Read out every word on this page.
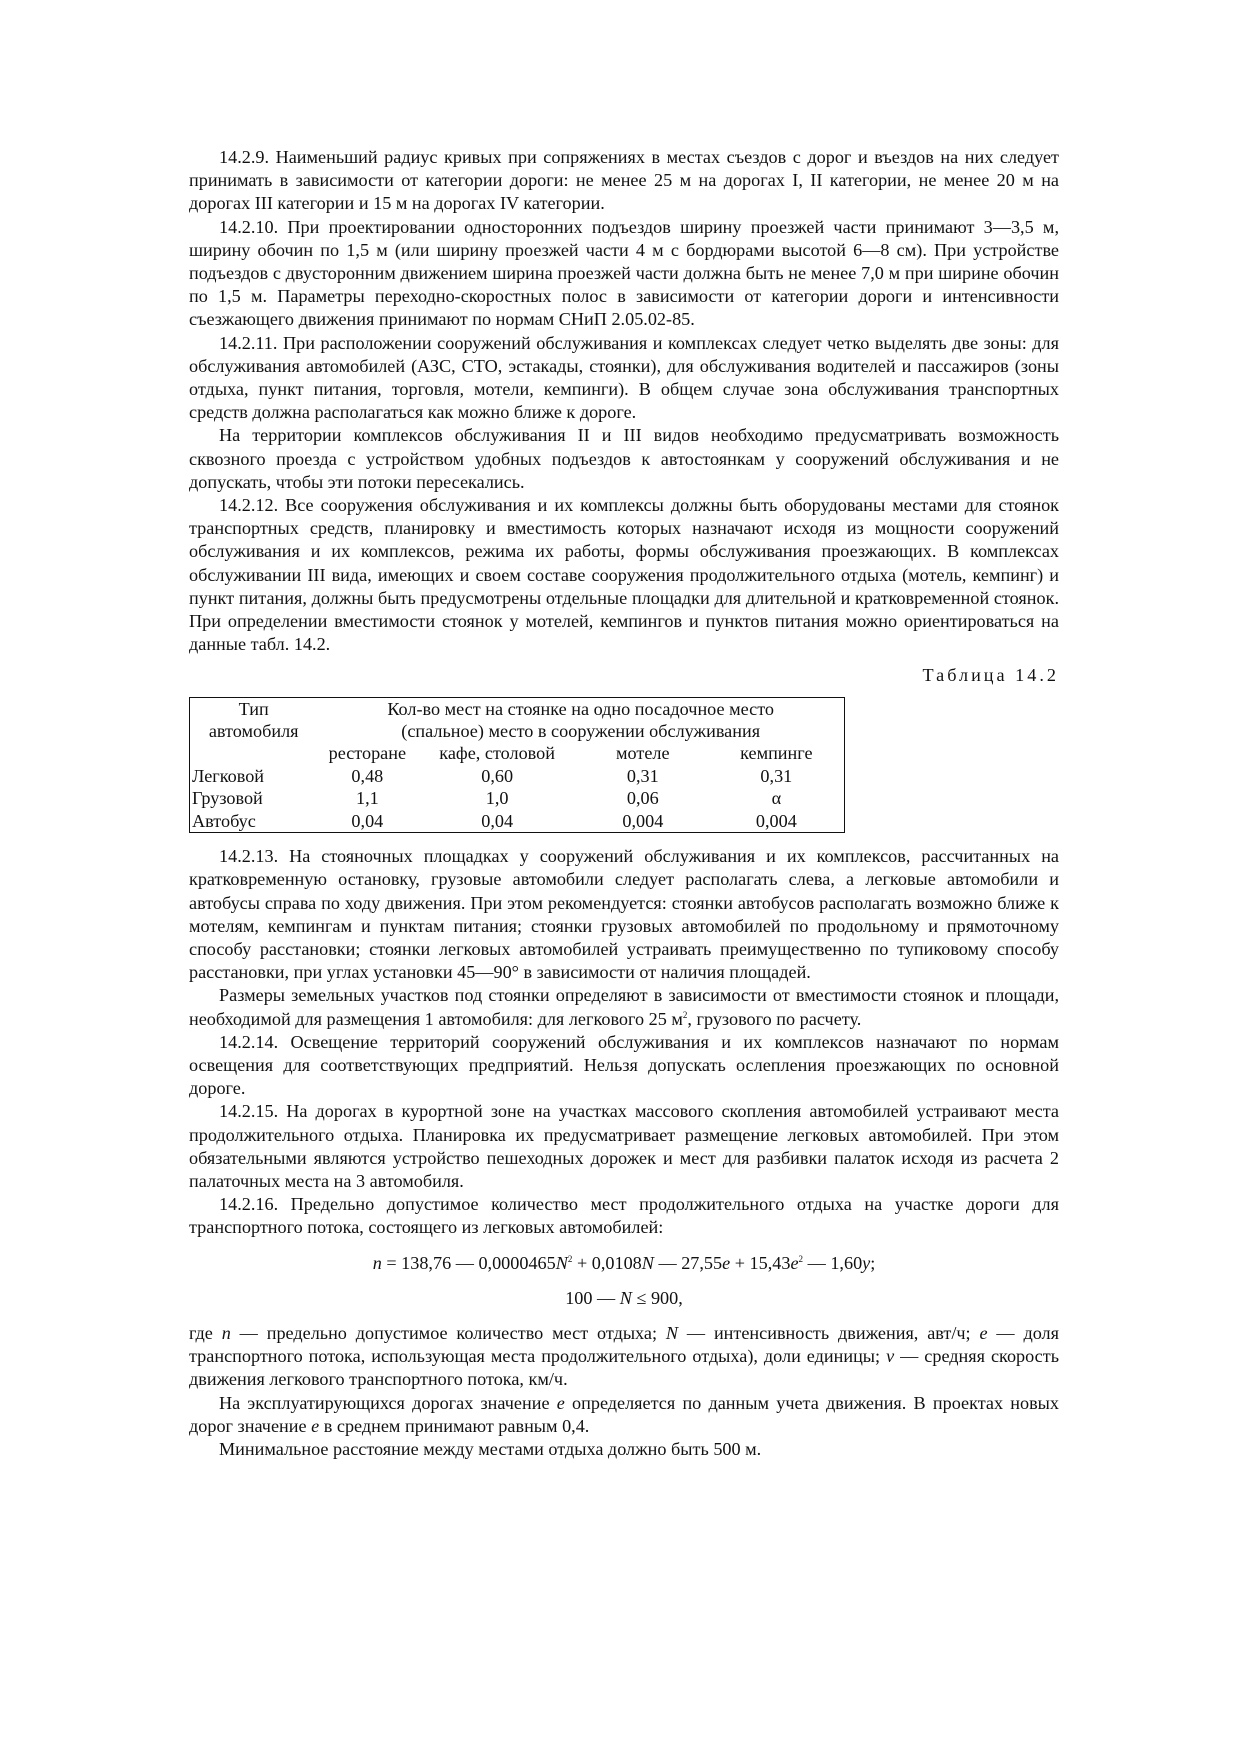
14.2.9. Наименьший радиус кривых при сопряжениях в местах съездов с дорог и въездов на них следует принимать в зависимости от категории дороги: не менее 25 м на дорогах I, II категории, не менее 20 м на дорогах III категории и 15 м на дорогах IV категории.

14.2.10. При проектировании односторонних подъездов ширину проезжей части принимают 3—3,5 м, ширину обочин по 1,5 м (или ширину проезжей части 4 м с бордюрами высотой 6—8 см). При устройстве подъездов с двусторонним движением ширина проезжей части должна быть не менее 7,0 м при ширине обочин по 1,5 м. Параметры переходно-скоростных полос в зависимости от категории дороги и интенсивности съезжающего движения принимают по нормам СНиП 2.05.02-85.

14.2.11. При расположении сооружений обслуживания и комплексах следует четко выделять две зоны: для обслуживания автомобилей (АЗС, СТО, эстакады, стоянки), для обслуживания водителей и пассажиров (зоны отдыха, пункт питания, торговля, мотели, кемпинги). В общем случае зона обслуживания транспортных средств должна располагаться как можно ближе к дороге.

На территории комплексов обслуживания II и III видов необходимо предусматривать возможность сквозного проезда с устройством удобных подъездов к автостоянкам у сооружений обслуживания и не допускать, чтобы эти потоки пересекались.

14.2.12. Все сооружения обслуживания и их комплексы должны быть оборудованы местами для стоянок транспортных средств, планировку и вместимость которых назначают исходя из мощности сооружений обслуживания и их комплексов, режима их работы, формы обслуживания проезжающих. В комплексах обслуживании III вида, имеющих и своем составе сооружения продолжительного отдыха (мотель, кемпинг) и пункт питания, должны быть предусмотрены отдельные площадки для длительной и кратковременной стоянок. При определении вместимости стоянок у мотелей, кемпингов и пунктов питания можно ориентироваться на данные табл. 14.2.

Таблица 14.2
Тип	Кол-во мест на стоянке на одно посадочное место			
автомобиля	(спальное) место в сооружении обслуживания			
	ресторане	кафе, столовой	мотеле	кемпинге
Легковой	0,48	0,60	0,31	0,31
Грузовой	1,1	1,0	0,06	α
Автобус	0,04	0,04	0,004	0,004

14.2.13. На стояночных площадках у сооружений обслуживания и их комплексов, рассчитанных на кратковременную остановку, грузовые автомобили следует располагать слева, а легковые автомобили и автобусы справа по ходу движения. При этом рекомендуется: стоянки автобусов располагать возможно ближе к мотелям, кемпингам и пунктам питания; стоянки грузовых автомобилей по продольному и прямоточному способу расстановки; стоянки легковых автомобилей устраивать преимущественно по тупиковому способу расстановки, при углах установки 45—90° в зависимости от наличия площадей.

Размеры земельных участков под стоянки определяют в зависимости от вместимости стоянок и площади, необходимой для размещения 1 автомобиля: для легкового 25 $м^2$, грузового по расчету.

14.2.14. Освещение территорий сооружений обслуживания и их комплексов назначают по нормам освещения для соответствующих предприятий. Нельзя допускать ослепления проезжающих по основной дороге.

14.2.15. На дорогах в курортной зоне на участках массового скопления автомобилей устраивают места продолжительного отдыха. Планировка их предусматривает размещение легковых автомобилей. При этом обязательными являются устройство пешеходных дорожек и мест для разбивки палаток исходя из расчета 2 палаточных места на 3 автомобиля.

14.2.16. Предельно допустимое количество мест продолжительного отдыха на участке дороги для транспортного потока, состоящего из легковых автомобилей:

n = 138,76 — $0,0000465N^2 + 0,0108N$ — $27,55e + 15,43e^2$ — 1,60y;
100 — N ≤ 900,

где n — предельно допустимое количество мест отдыха; N — интенсивность движения, авт/ч; e — доля транспортного потока, использующая места продолжительного отдыха), доли единицы; v — средняя скорость движения легкового транспортного потока, км/ч.

На эксплуатирующихся дорогах значение e определяется по данным учета движения. В проектах новых дорог значение e в среднем принимают равным 0,4.

Минимальное расстояние между местами отдыха должно быть 500 м.
